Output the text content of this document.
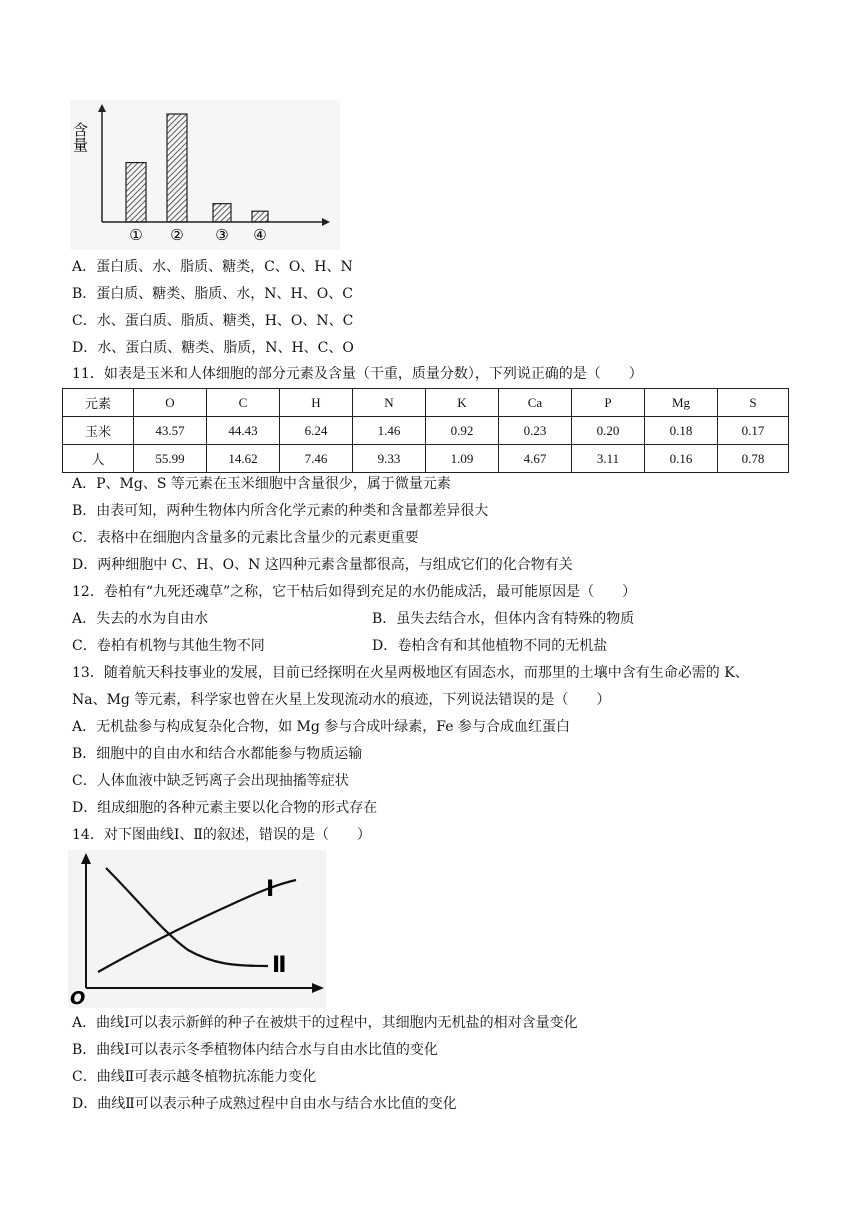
含量
① ② ③ ④
A．蛋白质、水、脂质、糖类，C、O、H、N
B．蛋白质、糖类、脂质、水，N、H、O、C
C．水、蛋白质、脂质、糖类，H、O、N、C
D．水、蛋白质、糖类、脂质，N、H、C、O
11．如表是玉米和人体细胞的部分元素及含量（干重，质量分数），下列说正确的是（　　）
元素	O	C	H	N	K	Ca	P	Mg	S
玉米	43.57	44.43	6.24	1.46	0.92	0.23	0.20	0.18	0.17
人	55.99	14.62	7.46	9.33	1.09	4.67	3.11	0.16	0.78
A．P、Mg、S 等元素在玉米细胞中含量很少，属于微量元素
B．由表可知，两种生物体内所含化学元素的种类和含量都差异很大
C．表格中在细胞内含量多的元素比含量少的元素更重要
D．两种细胞中 C、H、O、N 这四种元素含量都很高，与组成它们的化合物有关
12．卷柏有“九死还魂草”之称，它干枯后如得到充足的水仍能成活，最可能原因是（　　）
A．失去的水为自由水	B．虽失去结合水，但体内含有特殊的物质
C．卷柏有机物与其他生物不同	D．卷柏含有和其他植物不同的无机盐
13．随着航天科技事业的发展，目前已经探明在火星两极地区有固态水，而那里的土壤中含有生命必需的 K、
Na、Mg 等元素，科学家也曾在火星上发现流动水的痕迹，下列说法错误的是（　　）
A．无机盐参与构成复杂化合物，如 Mg 参与合成叶绿素，Fe 参与合成血红蛋白
B．细胞中的自由水和结合水都能参与物质运输
C．人体血液中缺乏钙离子会出现抽搐等症状
D．组成细胞的各种元素主要以化合物的形式存在
14．对下图曲线Ⅰ、Ⅱ的叙述，错误的是（　　）
Ⅰ
Ⅱ
O
A．曲线Ⅰ可以表示新鲜的种子在被烘干的过程中，其细胞内无机盐的相对含量变化
B．曲线Ⅰ可以表示冬季植物体内结合水与自由水比值的变化
C．曲线Ⅱ可表示越冬植物抗冻能力变化
D．曲线Ⅱ可以表示种子成熟过程中自由水与结合水比值的变化
